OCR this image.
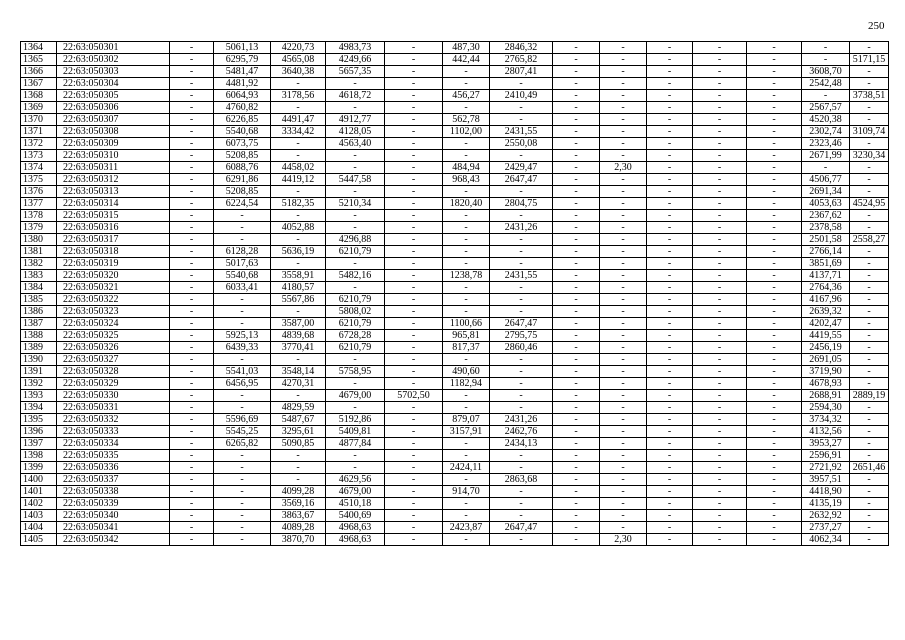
250
1364	22:63:050301	-	5061,13	4220,73	4983,73	-	487,30	2846,32	-	-	-	-	-	-	-
1365	22:63:050302	-	6295,79	4565,08	4249,66	-	442,44	2765,82	-	-	-	-	-	-	5171,15
1366	22:63:050303	-	5481,47	3640,38	5657,35	-	-	2807,41	-	-	-	-	-	3608,70	-
1367	22:63:050304	-	4481,92	-	-	-	-	-	-	-	-	-	-	2542,48	-
1368	22:63:050305	-	6064,93	3178,56	4618,72	-	456,27	2410,49	-	-	-	-	-	-	3738,51
1369	22:63:050306	-	4760,82	-	-	-	-	-	-	-	-	-	-	2567,57	-
1370	22:63:050307	-	6226,85	4491,47	4912,77	-	562,78	-	-	-	-	-	-	4520,38	-
1371	22:63:050308	-	5540,68	3334,42	4128,05	-	1102,00	2431,55	-	-	-	-	-	2302,74	3109,74
1372	22:63:050309	-	6073,75	-	4563,40	-	-	2550,08	-	-	-	-	-	2323,46	-
1373	22:63:050310	-	5208,85	-	-	-	-	-	-	-	-	-	-	2671,99	3230,34
1374	22:63:050311	-	6088,76	4458,02	-	-	484,94	2429,47	-	2,30	-	-	-	-	-
1375	22:63:050312	-	6291,86	4419,12	5447,58	-	968,43	2647,47	-	-	-	-	-	4506,77	-
1376	22:63:050313	-	5208,85	-	-	-	-	-	-	-	-	-	-	2691,34	-
1377	22:63:050314	-	6224,54	5182,35	5210,34	-	1820,40	2804,75	-	-	-	-	-	4053,63	4524,95
1378	22:63:050315	-	-	-	-	-	-	-	-	-	-	-	-	2367,62	-
1379	22:63:050316	-	-	4052,88	-	-	-	2431,26	-	-	-	-	-	2378,58	-
1380	22:63:050317	-	-	-	4296,88	-	-	-	-	-	-	-	-	2501,58	2558,27
1381	22:63:050318	-	6128,28	5636,19	6210,79	-	-	-	-	-	-	-	-	2766,14	-
1382	22:63:050319	-	5017,63	-	-	-	-	-	-	-	-	-	-	3851,69	-
1383	22:63:050320	-	5540,68	3558,91	5482,16	-	1238,78	2431,55	-	-	-	-	-	4137,71	-
1384	22:63:050321	-	6033,41	4180,57	-	-	-	-	-	-	-	-	-	2764,36	-
1385	22:63:050322	-	-	5567,86	6210,79	-	-	-	-	-	-	-	-	4167,96	-
1386	22:63:050323	-	-	-	5808,02	-	-	-	-	-	-	-	-	2639,32	-
1387	22:63:050324	-	-	3587,00	6210,79	-	1100,66	2647,47	-	-	-	-	-	4202,47	-
1388	22:63:050325	-	5925,13	4839,68	6728,28	-	965,81	2795,75	-	-	-	-	-	4419,55	-
1389	22:63:050326	-	6439,33	3770,41	6210,79	-	817,37	2860,46	-	-	-	-	-	2456,19	-
1390	22:63:050327	-	-	-	-	-	-	-	-	-	-	-	-	2691,05	-
1391	22:63:050328	-	5541,03	3548,14	5758,95	-	490,60	-	-	-	-	-	-	3719,90	-
1392	22:63:050329	-	6456,95	4270,31	-	-	1182,94	-	-	-	-	-	-	4678,93	-
1393	22:63:050330	-	-	-	4679,00	5702,50	-	-	-	-	-	-	-	2688,91	2889,19
1394	22:63:050331	-	-	4829,59	-	-	-	-	-	-	-	-	-	2594,30	-
1395	22:63:050332	-	5596,69	5487,67	5192,86	-	879,07	2431,26	-	-	-	-	-	3734,32	-
1396	22:63:050333	-	5545,25	3295,61	5409,81	-	3157,91	2462,76	-	-	-	-	-	4132,56	-
1397	22:63:050334	-	6265,82	5090,85	4877,84	-	-	2434,13	-	-	-	-	-	3953,27	-
1398	22:63:050335	-	-	-	-	-	-	-	-	-	-	-	-	2596,91	-
1399	22:63:050336	-	-	-	-	-	2424,11	-	-	-	-	-	-	2721,92	2651,46
1400	22:63:050337	-	-	-	4629,56	-	-	2863,68	-	-	-	-	-	3957,51	-
1401	22:63:050338	-	-	4099,28	4679,00	-	914,70	-	-	-	-	-	-	4418,90	-
1402	22:63:050339	-	-	3569,16	4510,18	-	-	-	-	-	-	-	-	4135,19	-
1403	22:63:050340	-	-	3863,67	5400,69	-	-	-	-	-	-	-	-	2632,92	-
1404	22:63:050341	-	-	4089,28	4968,63	-	2423,87	2647,47	-	-	-	-	-	2737,27	-
1405	22:63:050342	-	-	3870,70	4968,63	-	-	-	-	2,30	-	-	-	4062,34	-
